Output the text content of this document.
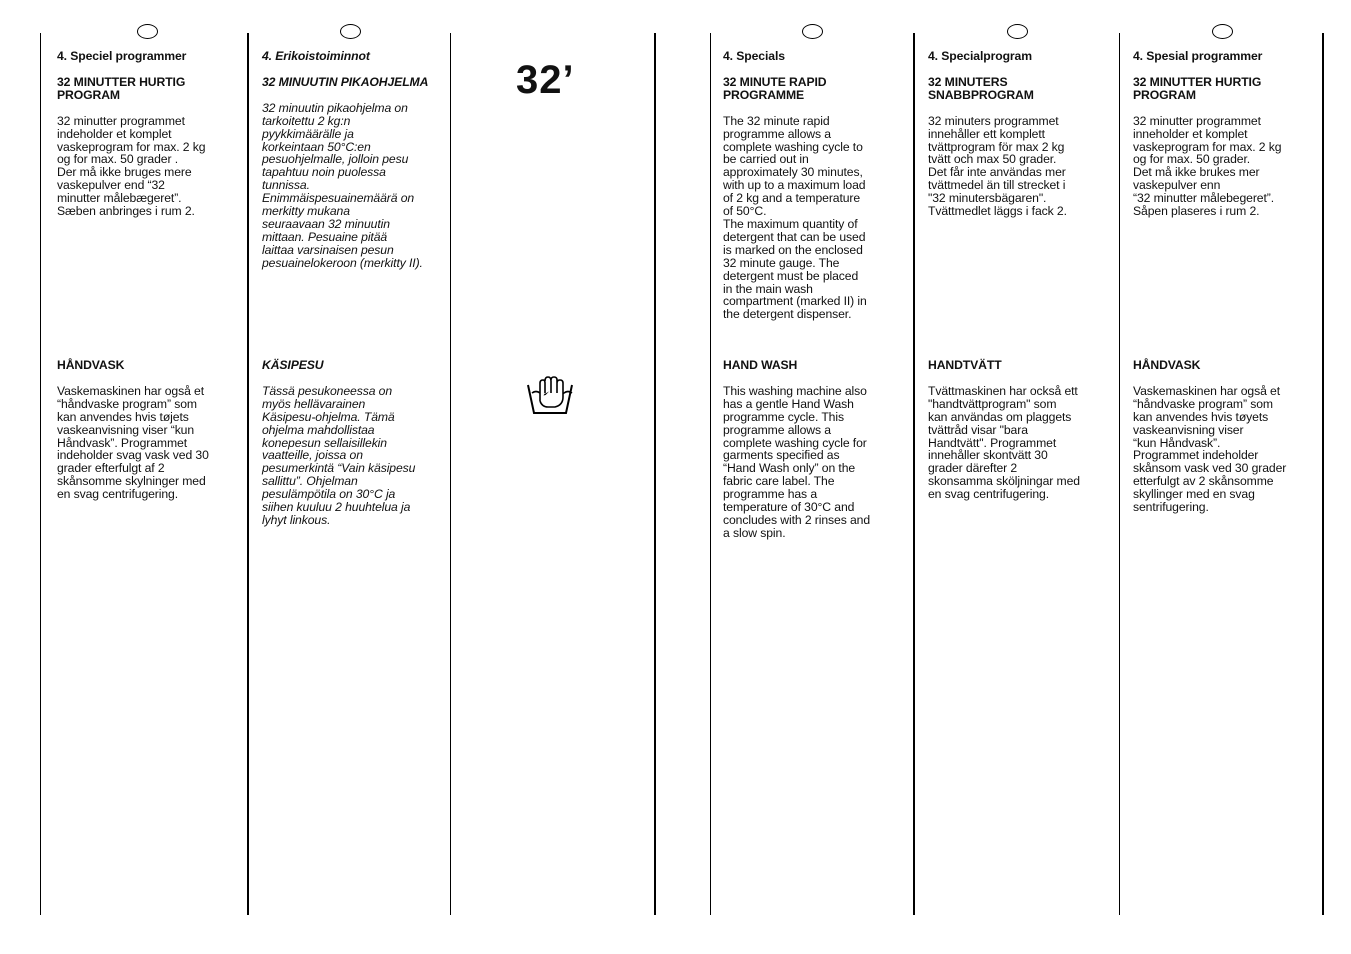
32’

4. Speciel programmer

32 MINUTTER HURTIG
PROGRAM

32 minutter programmet
indeholder et komplet
vaskeprogram for max. 2 kg
og for max. 50 grader .
Der må ikke bruges mere
vaskepulver end “32
minutter målebægeret”.
Sæben anbringes i rum 2.

HÅNDVASK

Vaskemaskinen har også et
“håndvaske program” som
kan anvendes hvis tøjets
vaskeanvisning viser “kun
Håndvask”. Programmet
indeholder svag vask ved 30
grader efterfulgt af 2
skånsomme skylninger med
en svag centrifugering.

4. Erikoistoiminnot

32 MINUUTIN PIKAOHJELMA

32 minuutin pikaohjelma on
tarkoitettu 2 kg:n
pyykkimäärälle ja
korkeintaan 50°C:en
pesuohjelmalle, jolloin pesu
tapahtuu noin puolessa
tunnissa.
Enimmäispesuainemäärä on
merkitty mukana
seuraavaan 32 minuutin
mittaan. Pesuaine pitää
laittaa varsinaisen pesun
pesuainelokeroon (merkitty II).

KÄSIPESU

Tässä pesukoneessa on
myös hellävarainen
Käsipesu-ohjelma. Tämä
ohjelma mahdollistaa
konepesun sellaisillekin
vaatteille, joissa on
pesumerkintä “Vain käsipesu
sallittu”. Ohjelman
pesulämpötila on 30°C ja
siihen kuuluu 2 huuhtelua ja
lyhyt linkous.

4. Specials

32 MINUTE RAPID
PROGRAMME

The 32 minute rapid
programme allows a
complete washing cycle to
be carried out in
approximately 30 minutes,
with up to a maximum load
of 2 kg and a temperature
of 50°C.
The maximum quantity of
detergent that can be used
is marked on the enclosed
32 minute gauge. The
detergent must be placed
in the main wash
compartment (marked II) in
the detergent dispenser.

HAND WASH

This washing machine also
has a gentle Hand Wash
programme cycle. This
programme allows a
complete washing cycle for
garments specified as
“Hand Wash only” on the
fabric care label. The
programme has a
temperature of 30°C and
concludes with 2 rinses and
a slow spin.

4. Specialprogram

32 MINUTERS
SNABBPROGRAM

32 minuters programmet
innehåller ett komplett
tvättprogram för max 2 kg
tvätt och max 50 grader.
Det får inte användas mer
tvättmedel än till strecket i
"32 minutersbägaren".
Tvättmedlet läggs i fack 2.

HANDTVÄTT

Tvättmaskinen har också ett
"handtvättprogram" som
kan användas om plaggets
tvättråd visar "bara
Handtvätt". Programmet
innehåller skontvätt 30
grader därefter 2
skonsamma sköljningar med
en svag centrifugering.

4. Spesial programmer

32 MINUTTER HURTIG
PROGRAM

32 minutter programmet
inneholder et komplet
vaskeprogram for max. 2 kg
og for max. 50 grader.
Det må ikke brukes mer
vaskepulver enn
“32 minutter målebegeret”.
Såpen plaseres i rum 2.

HÅNDVASK

Vaskemaskinen har også et
“håndvaske program” som
kan anvendes hvis tøyets
vaskeanvisning viser
“kun Håndvask”.
Programmet indeholder
skånsom vask ved 30 grader
etterfulgt av 2 skånsomme
skyllinger med en svag
sentrifugering.
